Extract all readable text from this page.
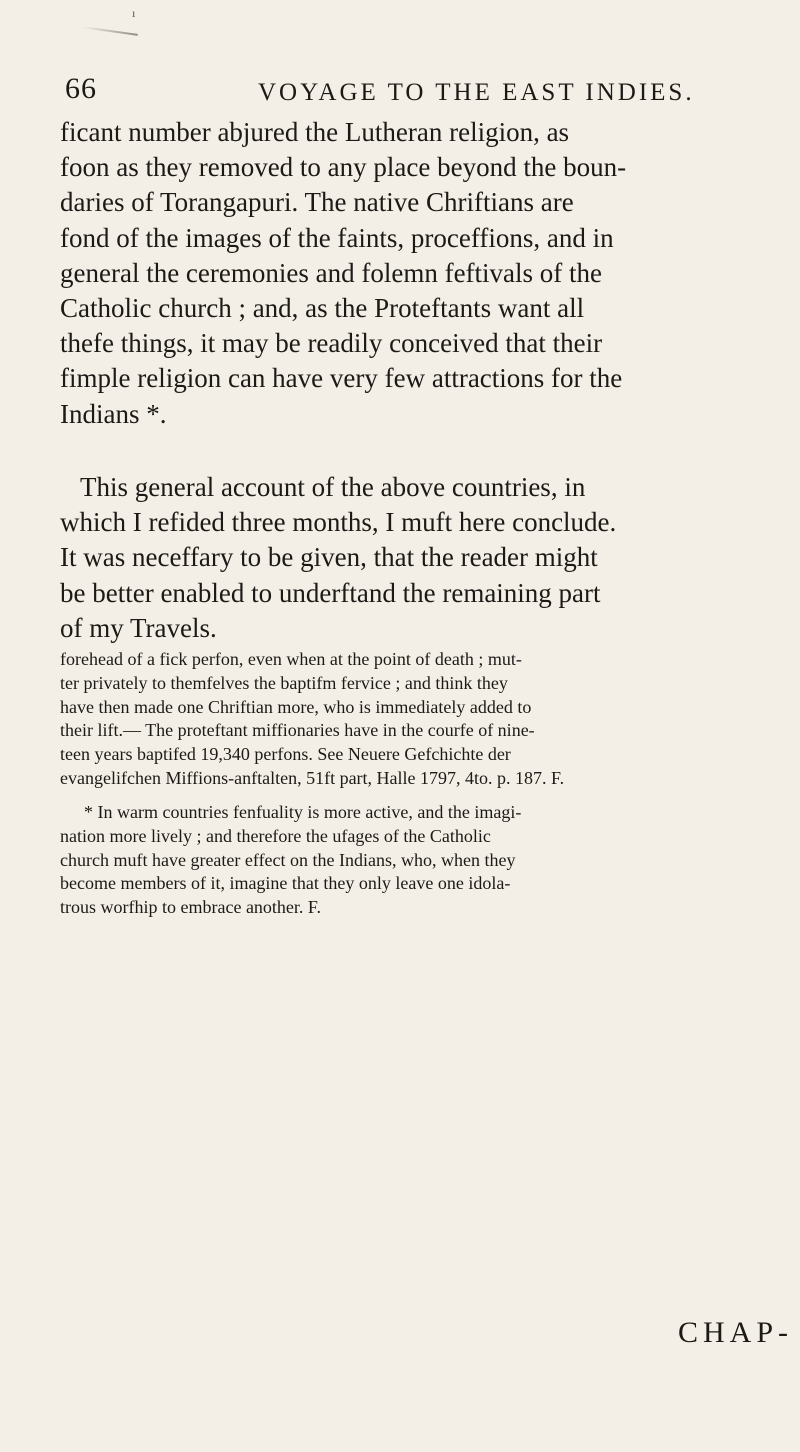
ı
66	VOYAGE TO THE EAST INDIES.
ficant number abjured the Lutheran religion, as
foon as they removed to any place beyond the boun-
daries of Torangapuri. The native Chriftians are
fond of the images of the faints, proceffions, and in
general the ceremonies and folemn feftivals of the
Catholic church ; and, as the Proteftants want all
thefe things, it may be readily conceived that their
fimple religion can have very few attractions for the
Indians *.
This general account of the above countries, in
which I refided three months, I muft here conclude.
It was neceffary to be given, that the reader might
be better enabled to underftand the remaining part
of my Travels.
forehead of a fick perfon, even when at the point of death ; mut-
ter privately to themfelves the baptifm fervice ; and think they
have then made one Chriftian more, who is immediately added to
their lift.— The proteftant miffionaries have in the courfe of nine-
teen years baptifed 19,340 perfons. See Neuere Gefchichte der
evangelifchen Miffions-anftalten, 51ft part, Halle 1797, 4to. p. 187. F.
* In warm countries fenfuality is more active, and the imagi-
nation more lively ; and therefore the ufages of the Catholic
church muft have greater effect on the Indians, who, when they
become members of it, imagine that they only leave one idola-
trous worfhip to embrace another. F.
CHAP-
